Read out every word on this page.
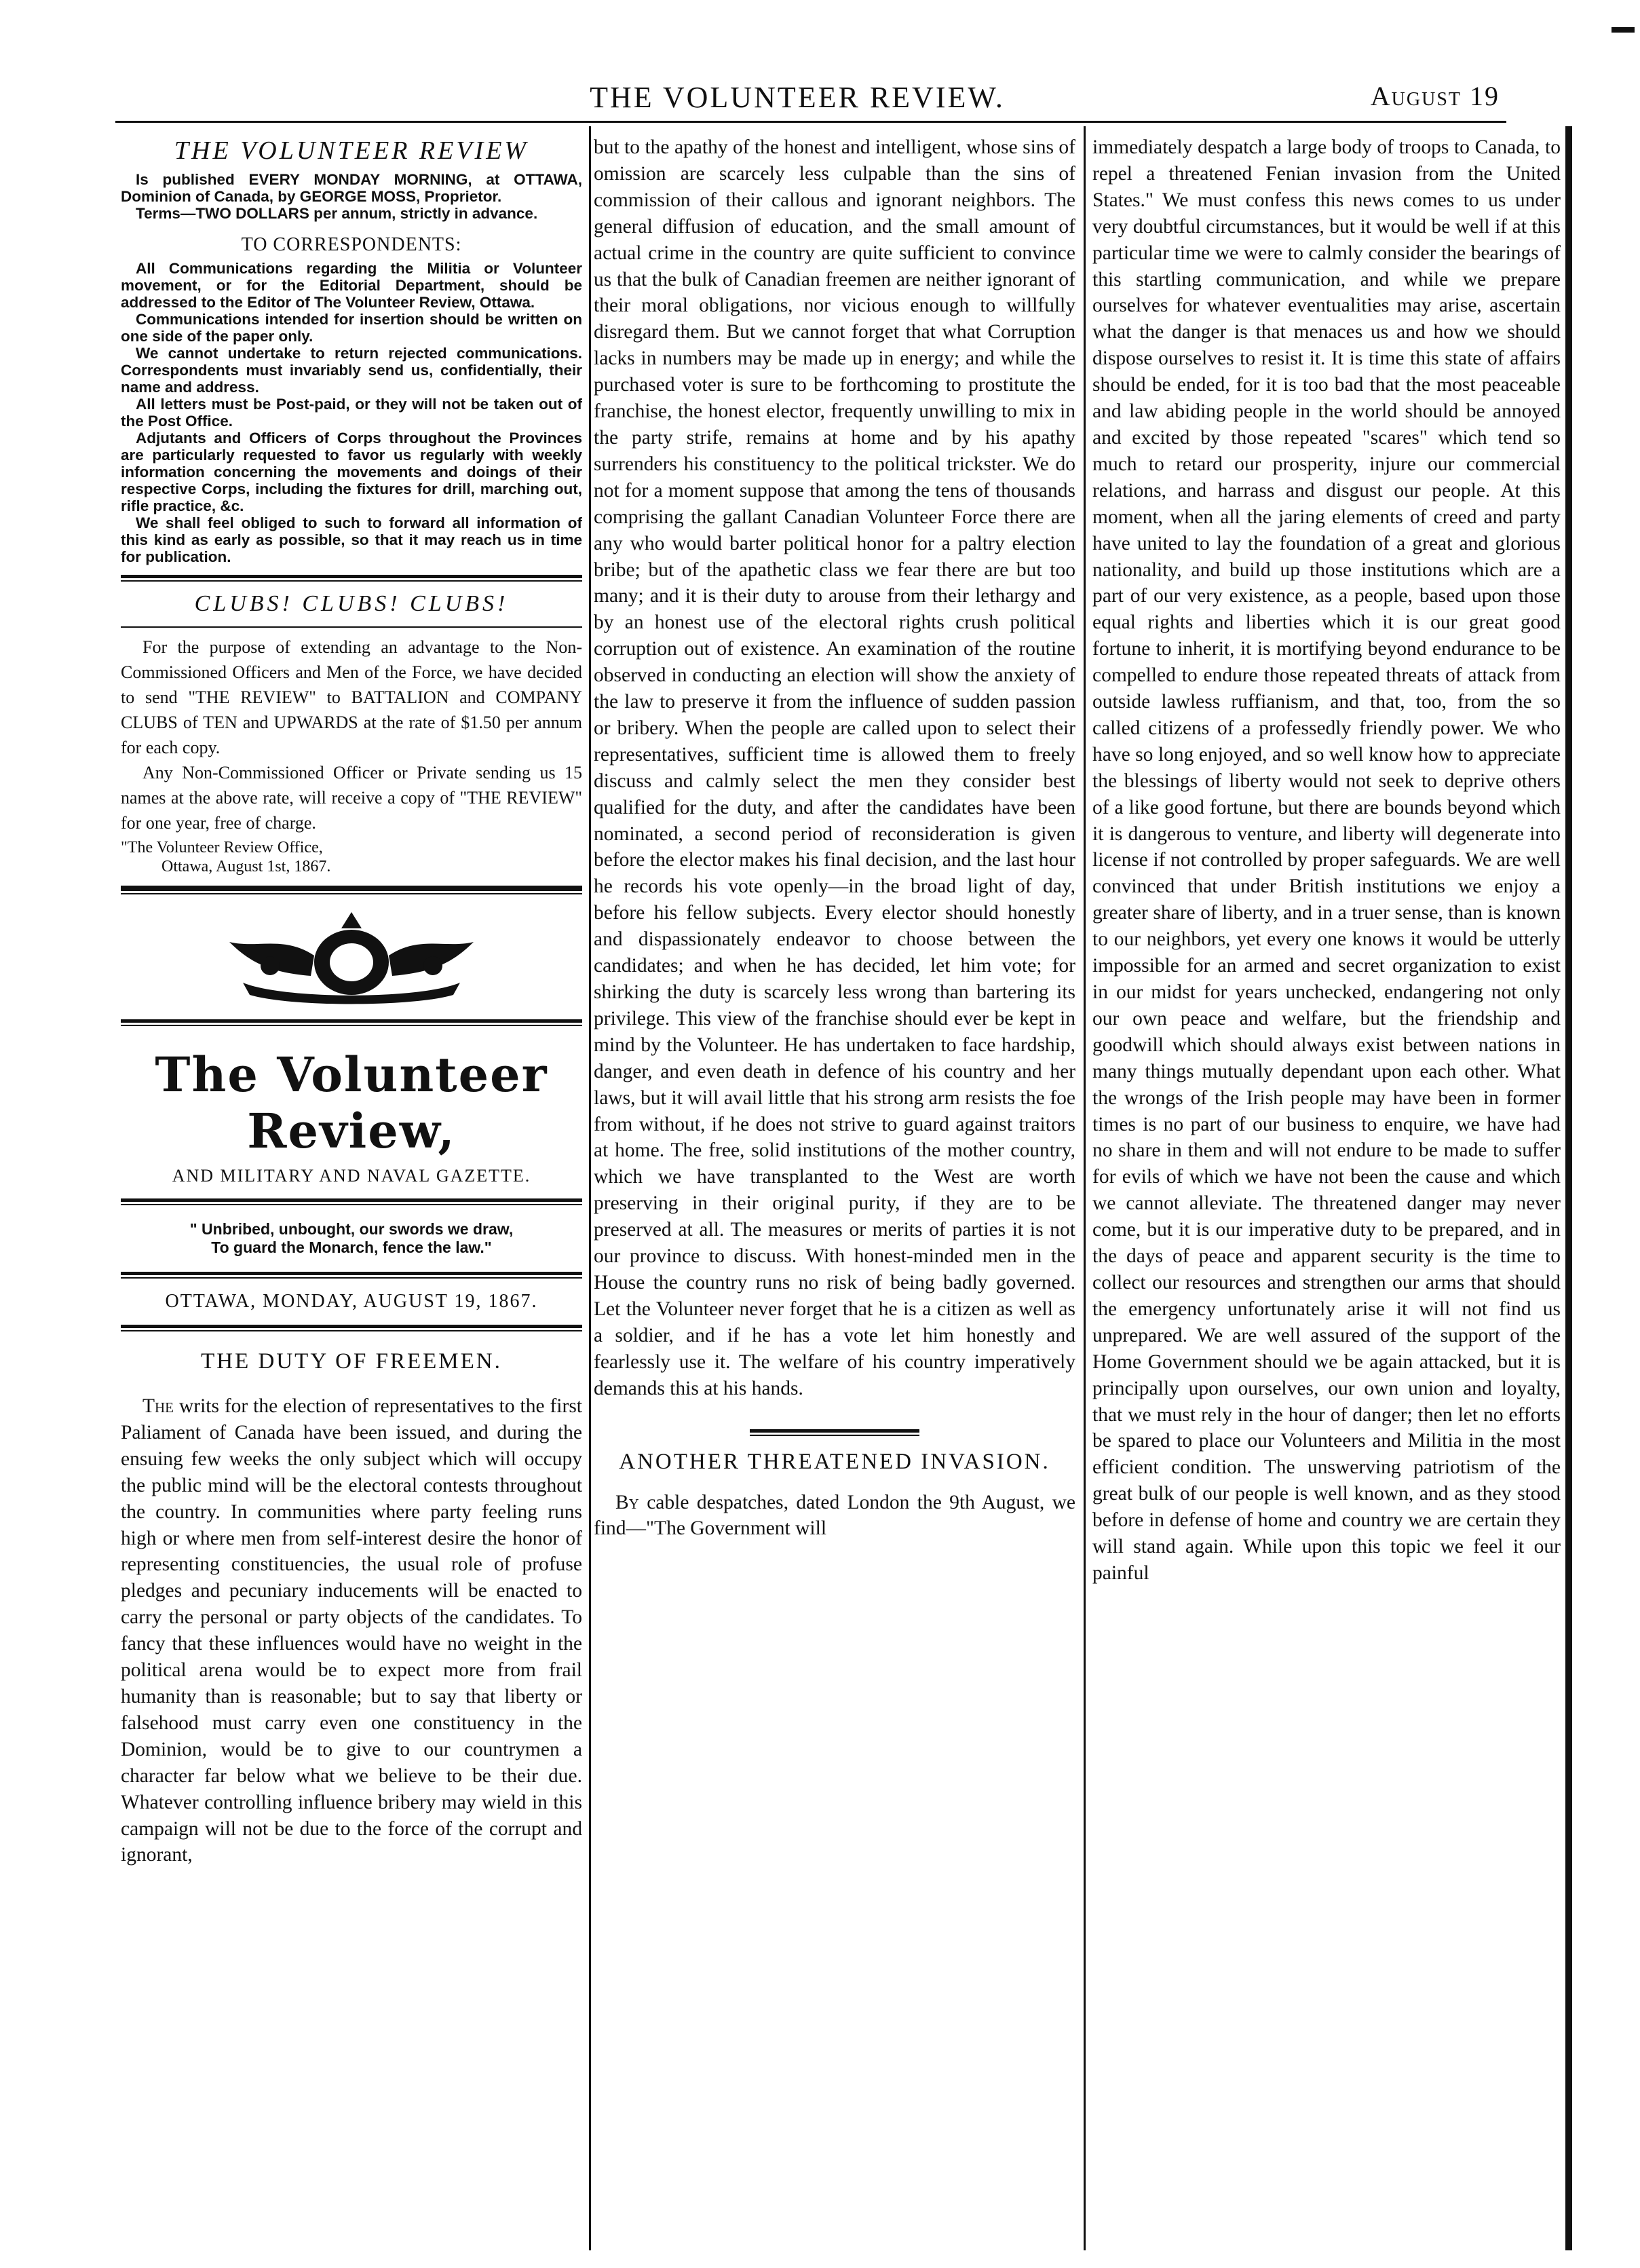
THE VOLUNTEER REVIEW.	August 19
THE VOLUNTEER REVIEW

Is published EVERY MONDAY MORNING, at OTTAWA, Dominion of Canada, by GEORGE MOSS, Proprietor.

Terms—TWO DOLLARS per annum, strictly in advance.

TO CORRESPONDENTS:

All Communications regarding the Militia or Volunteer movement, or for the Editorial Department, should be addressed to the Editor of The Volunteer Review, Ottawa.

Communications intended for insertion should be written on one side of the paper only.

We cannot undertake to return rejected communications. Correspondents must invariably send us, confidentially, their name and address.

All letters must be Post-paid, or they will not be taken out of the Post Office.

Adjutants and Officers of Corps throughout the Provinces are particularly requested to favor us regularly with weekly information concerning the movements and doings of their respective Corps, including the fixtures for drill, marching out, rifle practice, &c.

We shall feel obliged to such to forward all information of this kind as early as possible, so that it may reach us in time for publication.

CLUBS! CLUBS! CLUBS!

For the purpose of extending an advantage to the Non-Commissioned Officers and Men of the Force, we have decided to send "THE REVIEW" to BATTALION and COMPANY CLUBS of TEN and UPWARDS at the rate of $1.50 per annum for each copy.

Any Non-Commissioned Officer or Private sending us 15 names at the above rate, will receive a copy of "THE REVIEW" for one year, free of charge.

"The Volunteer Review Office,
Ottawa, August 1st, 1867.
The Volunteer Review,
AND MILITARY AND NAVAL GAZETTE.
" Unbribed, unbought, our swords we draw,
To guard the Monarch, fence the law."
OTTAWA, MONDAY, AUGUST 19, 1867.
THE DUTY OF FREEMEN.

The writs for the election of representatives to the first Paliament of Canada have been issued, and during the ensuing few weeks the only subject which will occupy the public mind will be the electoral contests throughout the country. In communities where party feeling runs high or where men from self-interest desire the honor of representing constituencies, the usual role of profuse pledges and pecuniary inducements will be enacted to carry the personal or party objects of the candidates. To fancy that these influences would have no weight in the political arena would be to expect more from frail humanity than is reasonable; but to say that liberty or falsehood must carry even one constituency in the Dominion, would be to give to our countrymen a character far below what we believe to be their due. Whatever controlling influence bribery may wield in this campaign will not be due to the force of the corrupt and ignorant,

but to the apathy of the honest and intelligent, whose sins of omission are scarcely less culpable than the sins of commission of their callous and ignorant neighbors. The general diffusion of education, and the small amount of actual crime in the country are quite sufficient to convince us that the bulk of Canadian freemen are neither ignorant of their moral obligations, nor vicious enough to willfully disregard them. But we cannot forget that what Corruption lacks in numbers may be made up in energy; and while the purchased voter is sure to be forthcoming to prostitute the franchise, the honest elector, frequently unwilling to mix in the party strife, remains at home and by his apathy surrenders his constituency to the political trickster. We do not for a moment suppose that among the tens of thousands comprising the gallant Canadian Volunteer Force there are any who would barter political honor for a paltry election bribe; but of the apathetic class we fear there are but too many; and it is their duty to arouse from their lethargy and by an honest use of the electoral rights crush political corruption out of existence. An examination of the routine observed in conducting an election will show the anxiety of the law to preserve it from the influence of sudden passion or bribery. When the people are called upon to select their representatives, sufficient time is allowed them to freely discuss and calmly select the men they consider best qualified for the duty, and after the candidates have been nominated, a second period of reconsideration is given before the elector makes his final decision, and the last hour he records his vote openly—in the broad light of day, before his fellow subjects. Every elector should honestly and dispassionately endeavor to choose between the candidates; and when he has decided, let him vote; for shirking the duty is scarcely less wrong than bartering its privilege. This view of the franchise should ever be kept in mind by the Volunteer. He has undertaken to face hardship, danger, and even death in defence of his country and her laws, but it will avail little that his strong arm resists the foe from without, if he does not strive to guard against traitors at home. The free, solid institutions of the mother country, which we have transplanted to the West are worth preserving in their original purity, if they are to be preserved at all. The measures or merits of parties it is not our province to discuss. With honest-minded men in the House the country runs no risk of being badly governed. Let the Volunteer never forget that he is a citizen as well as a soldier, and if he has a vote let him honestly and fearlessly use it. The welfare of his country imperatively demands this at his hands.

ANOTHER THREATENED INVASION.

By cable despatches, dated London the 9th August, we find—"The Government will

immediately despatch a large body of troops to Canada, to repel a threatened Fenian invasion from the United States." We must confess this news comes to us under very doubtful circumstances, but it would be well if at this particular time we were to calmly consider the bearings of this startling communication, and while we prepare ourselves for whatever eventualities may arise, ascertain what the danger is that menaces us and how we should dispose ourselves to resist it. It is time this state of affairs should be ended, for it is too bad that the most peaceable and law abiding people in the world should be annoyed and excited by those repeated "scares" which tend so much to retard our prosperity, injure our commercial relations, and harrass and disgust our people. At this moment, when all the jaring elements of creed and party have united to lay the foundation of a great and glorious nationality, and build up those institutions which are a part of our very existence, as a people, based upon those equal rights and liberties which it is our great good fortune to inherit, it is mortifying beyond endurance to be compelled to endure those repeated threats of attack from outside lawless ruffianism, and that, too, from the so called citizens of a professedly friendly power. We who have so long enjoyed, and so well know how to appreciate the blessings of liberty would not seek to deprive others of a like good fortune, but there are bounds beyond which it is dangerous to venture, and liberty will degenerate into license if not controlled by proper safeguards. We are well convinced that under British institutions we enjoy a greater share of liberty, and in a truer sense, than is known to our neighbors, yet every one knows it would be utterly impossible for an armed and secret organization to exist in our midst for years unchecked, endangering not only our own peace and welfare, but the friendship and goodwill which should always exist between nations in many things mutually dependant upon each other. What the wrongs of the Irish people may have been in former times is no part of our business to enquire, we have had no share in them and will not endure to be made to suffer for evils of which we have not been the cause and which we cannot alleviate. The threatened danger may never come, but it is our imperative duty to be prepared, and in the days of peace and apparent security is the time to collect our resources and strengthen our arms that should the emergency unfortunately arise it will not find us unprepared. We are well assured of the support of the Home Government should we be again attacked, but it is principally upon ourselves, our own union and loyalty, that we must rely in the hour of danger; then let no efforts be spared to place our Volunteers and Militia in the most efficient condition. The unswerving patriotism of the great bulk of our people is well known, and as they stood before in defense of home and country we are certain they will stand again. While upon this topic we feel it our painful
